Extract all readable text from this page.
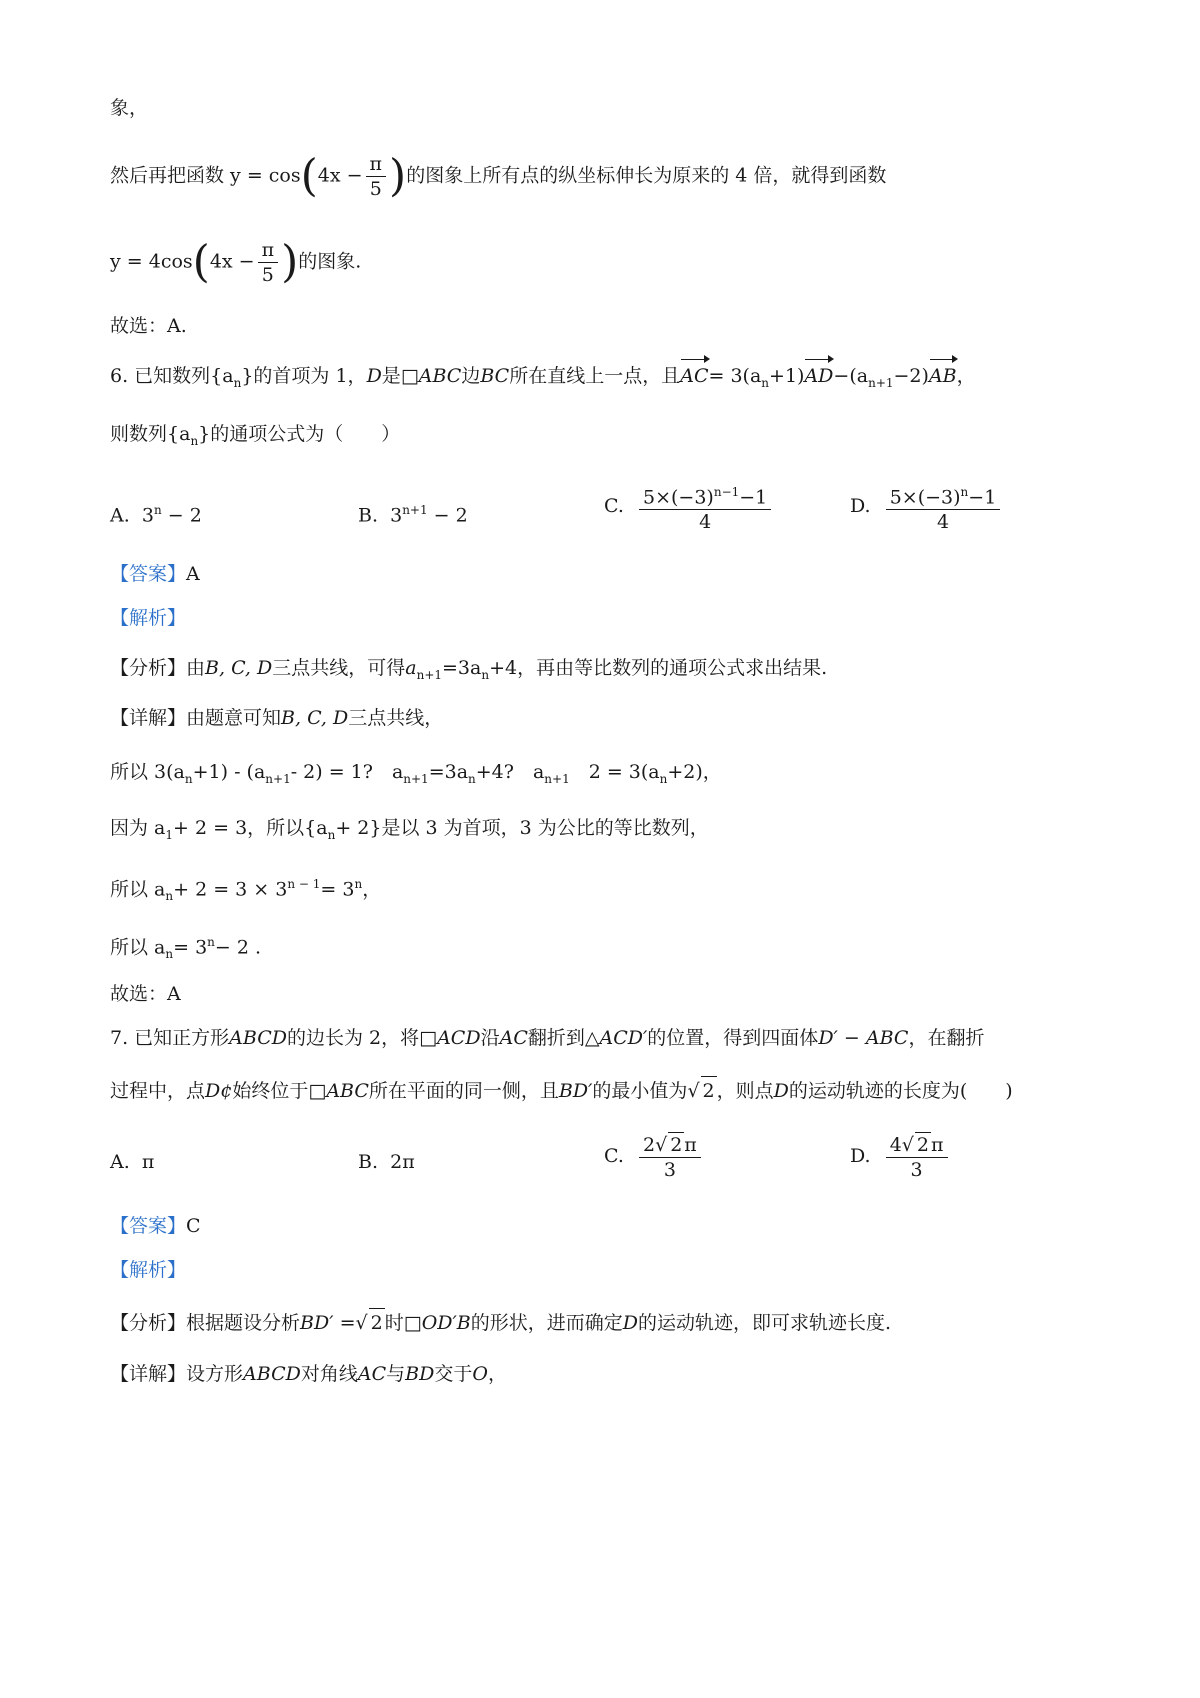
象，
然后再把函数 $y = \cos(4x - \frac{\pi}{5}$ )的图象上所有点的纵坐标伸长为原来的 4 倍，就得到函数
$y = 4\cos(4x - \frac{\pi}{5}$ )的图象.
故选：A.
6. 已知数列$\{a_n\}$的首项为 1，D是□ABC边BC所在直线上一点，且$AC= 3(a_n+1)AD-(a_{n+1}-2)AB$，
则数列$\{a_n\}$的通项公式为（　　）
A. $3^n - 2$	B. $3^{n+1} - 2$	C. $\frac{5\times(-3)^{n-1}-1}{4}$	D. $\frac{5\times(-3)^n-1}{4}$
【答案】A
【解析】
【分析】由B, C, D三点共线，可得$a_{n+1}=3a_n+4$，再由等比数列的通项公式求出结果.
【详解】由题意可知B, C, D三点共线，
所以 $3(a_n+1) - (a_{n+1}-$ 2) = 1?　$a_{n+1}=3a_n+4$?　$a_{n+1}$　$2 = 3(a_n+2)$，
因为 $a_1+ 2 = 3$，所以$\{a_n+ 2\}$是以 3 为首项，3 为公比的等比数列，
所以 $a_n+ 2 = 3 \times 3^{n - 1}= 3^n$，
所以 $a_n= 3^n- 2$ .
故选：A
7. 已知正方形ABCD的边长为 2，将□ACD沿AC翻折到△ACD′的位置，得到四面体D′ − ABC，在翻折
过程中，点D¢始终位于□ABC所在平面的同一侧，且BD′的最小值为√ 2 ，则点D的运动轨迹的长度为(　　)
A. π	B. 2π	C. $\frac{2√ 2 \pi}{3}$	D. $\frac{4√ 2 \pi}{3}$
【答案】C
【解析】
【分析】根据题设分析BD′ =√ 2 时□OD′B的形状，进而确定D的运动轨迹，即可求轨迹长度.
【详解】设方形ABCD对角线AC与BD交于O，
